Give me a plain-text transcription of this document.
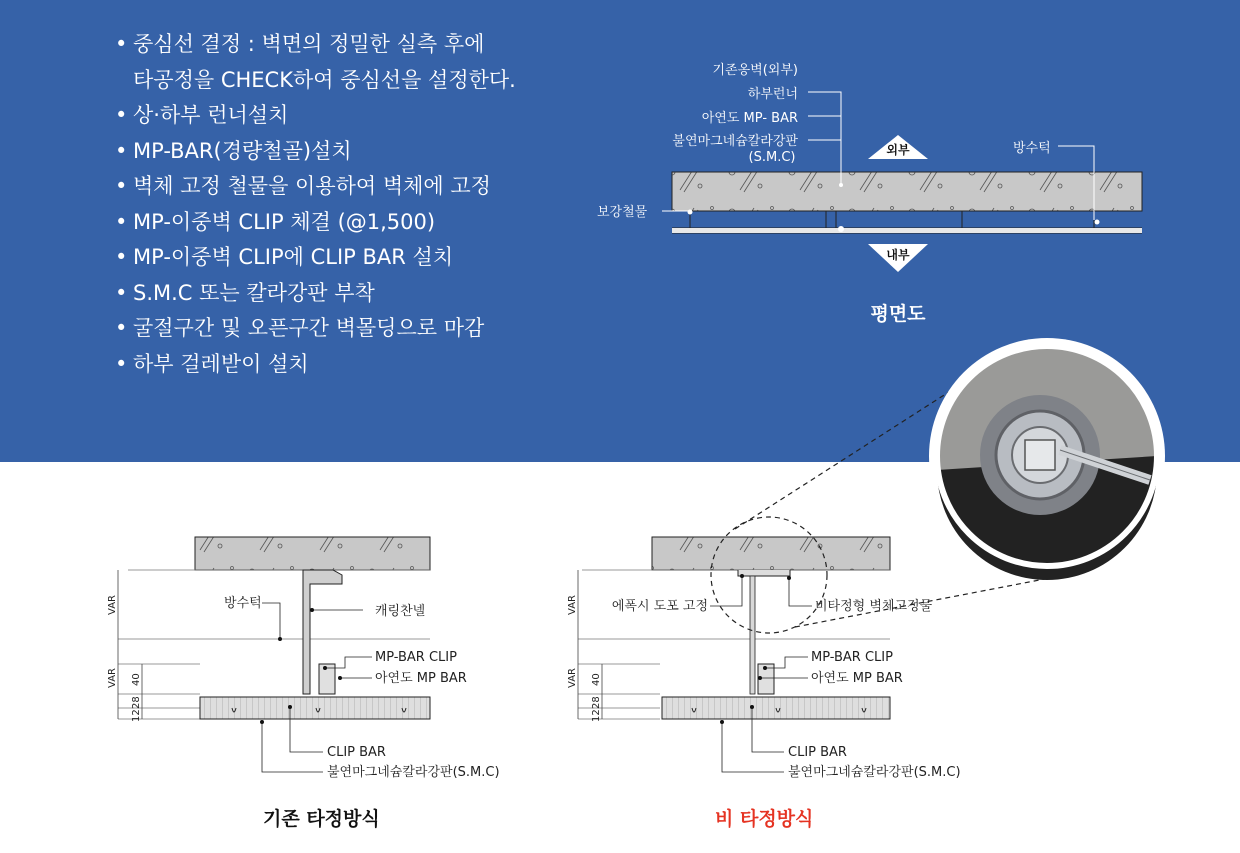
• 중심선 결정 : 벽면의 정밀한 실측 후에
타공정을 CHECK하여 중심선을 설정한다.
• 상·하부 런너설치
• MP-BAR(경량철골)설치
• 벽체 고정 철물을 이용하여 벽체에 고정
• MP-이중벽 CLIP 체결 (@1,500)
• MP-이중벽 CLIP에 CLIP BAR 설치
• S.M.C 또는 칼라강판 부착
• 굴절구간 및 오픈구간 벽몰딩으로 마감
• 하부 걸레받이 설치
기존옹벽(외부)
하부런너
아연도 MP- BAR
불연마그네슘칼라강판
(S.M.C)
방수턱
보강철물
외부
내부
평면도
방수턱
캐링찬넬
MP-BAR CLIP
아연도 MP BAR
CLIP BAR
불연마그네슘칼라강판(S.M.C)
VAR
VAR 40
28
12
에폭시 도포 고정	비타정형 벽체고정물
MP-BAR CLIP
아연도 MP BAR
CLIP BAR
불연마그네슘칼라강판(S.M.C)
VAR
VAR 40
28
12
기존 타정방식	비 타정방식
